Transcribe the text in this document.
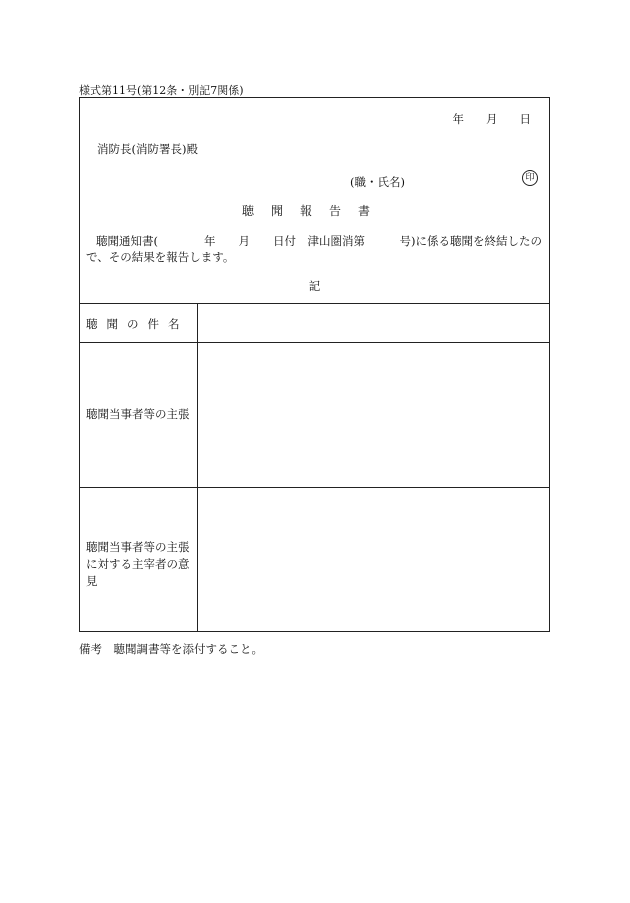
様式第11号(第12条・別記7関係)
年 月 日
消防長(消防署長)殿
(職・氏名)	印
聴聞報告書
聴聞通知書(　　　　年　　月　　日付　津山圏消第　　　号)に係る聴聞を終結したので、その結果を報告します。
記
聴聞の件名
聴聞当事者等の主張
聴聞当事者等の主張に対する主宰者の意見
備考　聴聞調書等を添付すること。
